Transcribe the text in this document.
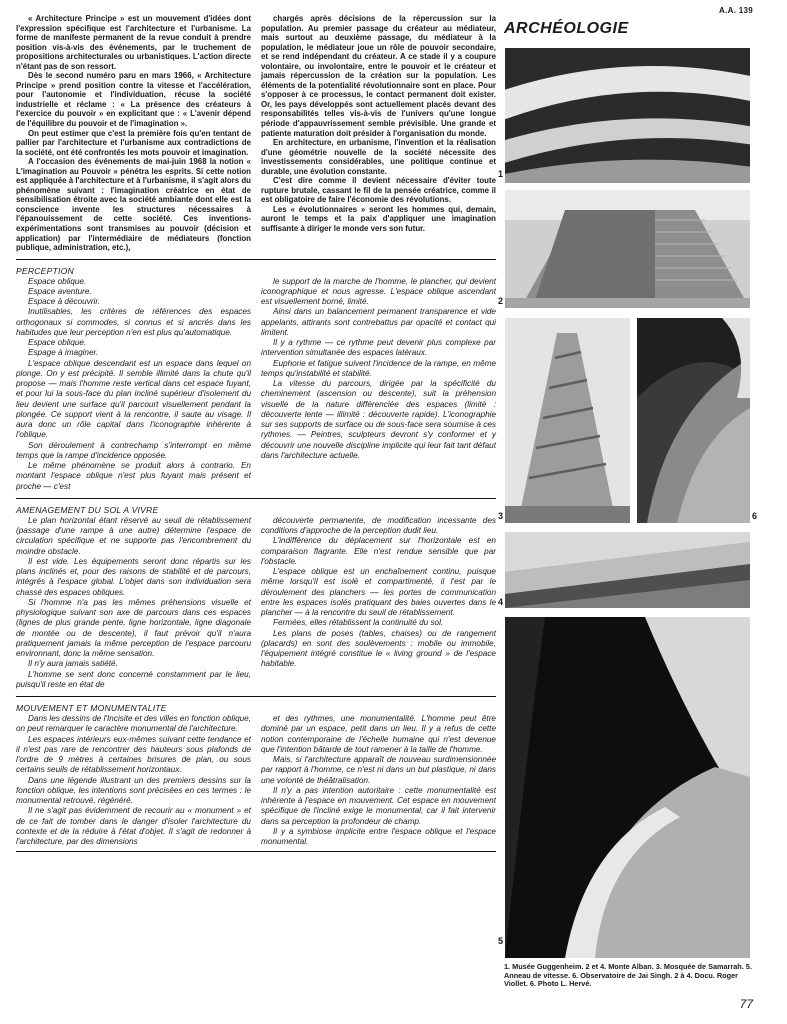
A.A. 139

« Architecture Principe » est un mouvement d'idées dont l'expression spécifique est l'architecture et l'urbanisme. La forme de manifeste permanent de la revue conduit à prendre position vis-à-vis des événements, par le truchement de propositions architecturales ou urbanistiques. L'action directe n'étant pas de son ressort.

Dès le second numéro paru en mars 1966, « Architecture Principe » prend position contre la vitesse et l'accélération, pour l'autonomie et l'individuation, récuse la société industrielle et réclame : « La présence des créateurs à l'exercice du pouvoir » en explicitant que : « L'avenir dépend de l'équilibre du pouvoir et de l'imagination ».

On peut estimer que c'est la première fois qu'en tentant de pallier par l'architecture et l'urbanisme aux contradictions de la société, ont été confrontés les mots pouvoir et imagination.

A l'occasion des événements de mai-juin 1968 la notion « L'imagination au Pouvoir » pénétra les esprits. Si cette notion est appliquée à l'architecture et à l'urbanisme, il s'agit alors du phénomène suivant : l'imagination créatrice en état de sensibilisation étroite avec la société ambiante dont elle est la conscience invente les structures nécessaires à l'épanouissement de cette société. Ces inventions-expérimentations sont transmises au pouvoir (décision et application) par l'intermédiaire de médiateurs (fonction publique, administration, etc.),

chargés après décisions de la répercussion sur la population. Au premier passage du créateur au médiateur, mais surtout au deuxième passage, du médiateur à la population, le médiateur joue un rôle de pouvoir secondaire, et se rend indépendant du créateur. A ce stade il y a coupure volontaire, ou involontaire, entre le pouvoir et le créateur et jamais répercussion de la création sur la population. Les éléments de la potentialité révolutionnaire sont en place. Pour s'opposer à ce processus, le contact permanent doit exister. Or, les pays développés sont actuellement placés devant des responsabilités telles vis-à-vis de l'univers qu'une longue période d'appauvrissement semble prévisible. Une grande et patiente maturation doit présider à l'organisation du monde.

En architecture, en urbanisme, l'invention et la réalisation d'une géométrie nouvelle de la société nécessite des investissements considérables, une politique continue et durable, une évolution constante.

C'est dire comme il devient nécessaire d'éviter toute rupture brutale, cassant le fil de la pensée créatrice, comme il est obligatoire de faire l'économie des révolutions.

Les « évolutionnaires » seront les hommes qui, demain, auront le temps et la paix d'appliquer une imagination suffisante à diriger le monde vers son futur.

PERCEPTION

Espace oblique.

Espace aventure.

Espace à découvrir.

Inutilisables, les critères de références des espaces orthogonaux si commodes, si connus et si ancrés dans les habitudes que leur perception n'en est plus qu'automatique.

Espace oblique.

Espage à imaginer.

L'espace oblique descendant est un espace dans lequel on plonge. On y est précipité. Il semble illimité dans la chute qu'il propose — mais l'homme reste vertical dans cet espace fuyant, et pour lui la sous-face du plan incliné supérieur d'isolement du lieu devient une surface qu'il parcourt visuellement pendant la plongée. Ce support vient à la rencontre, il saute au visage. Il aura donc un rôle capital dans l'iconographie inhérente à l'oblique.

Son déroulement à contrechamp s'interrompt en même temps que la rampe d'incidence opposée.

Le même phénomène se produit alors à contrario. En montant l'espace oblique n'est plus fuyant mais présent et proche — c'est

le support de la marche de l'homme, le plancher, qui devient iconographique et nous agresse. L'espace oblique ascendant est visuellement borné, limité.

Ainsi dans un balancement permanent transparence et vide appelants, attirants sont contrebattus par opacité et contact qui limitent.

Il y a rythme — ce rythme peut devenir plus complexe par intervention simultanée des espaces latéraux.

Euphorie et fatigue suivent l'incidence de la rampe, en même temps qu'instabilité et stabilité.

La vitesse du parcours, dirigée par la spécificité du cheminement (ascension ou descente), suit la préhension visuelle de la nature différenciée des espaces (limité : découverte lente — illimité : découverte rapide). L'iconographie sur ses supports de surface ou de sous-face sera soumise à ces rythmes. — Peintres, sculpteurs devront s'y conformer et y découvrir une nouvelle discipline implicite qui leur fait tant défaut dans l'architecture actuelle.

AMENAGEMENT DU SOL A VIVRE

Le plan horizontal étant réservé au seuil de rétablissement (passage d'une rampe à une autre) détermine l'espace de circulation spécifique et ne supporte pas l'encombrement du moindre obstacle.

Il est vide. Les équipements seront donc répartis sur les plans inclinés et, pour des raisons de stabilité et de parcours, intégrés à l'espace global. L'objet dans son individuation sera chassé des espaces obliques.

Si l'homme n'a pas les mêmes préhensions visuelle et physiologique suivant son axe de parcours dans ces espaces (lignes de plus grande pente, ligne horizontale, ligne diagonale de montée ou de descente), il faut prévoir qu'il n'aura pratiquement jamais la même perception de l'espace parcouru environnant, donc la même sensation.

Il n'y aura jamais satiété.

L'homme se sent donc concerné constamment par le lieu, puisqu'il reste en état de

découverte permanente, de modification incessante des conditions d'approche de la perception dudit lieu.

L'indifférence du déplacement sur l'horizontale est en comparaison flagrante. Elle n'est rendue sensible que par l'obstacle.

L'espace oblique est un enchaînement continu, puisque même lorsqu'il est isolé et compartimenté, il l'est par le déroulement des planchers — les portes de communication entre les espaces isolés pratiquant des baies ouvertes dans le plancher — à la rencontre du seuil de rétablissement.

Fermées, elles rétablissent la continuité du sol.

Les plans de poses (tables, chaises) ou de rangement (placards) en sont des soulèvements : mobile ou immobile, l'équipement intégré constitue le « living ground » de l'espace habitable.

MOUVEMENT ET MONUMENTALITE

Dans les dessins de l'Incisite et des villes en fonction oblique, on peut remarquer le caractère monumental de l'architecture.

Les espaces intérieurs eux-mêmes suivant cette tendance et il n'est pas rare de rencontrer des hauteurs sous plafonds de l'ordre de 9 mètres à certaines brisures de plan, ou sous certains seuils de rétablissement horizontaux.

Dans une légende illustrant un des premiers dessins sur la fonction oblique, les intentions sont précisées en ces termes : le monumental retrouvé, régénéré.

Il ne s'agit pas évidemment de recourir au « monument » et de ce fait de tomber dans le danger d'isoler l'architecture du contexte et de la réduire à l'état d'objet. Il s'agit de redonner à l'architecture, par des dimensions

et des rythmes, une monumentalité. L'homme peut être dominé par un espace, petit dans un lieu. Il y a refus de cette notion contemporaine de l'échelle humaine qui n'est devenue que l'intention bâtarde de tout ramener à la taille de l'homme.

Mais, si l'architecture apparaît de nouveau surdimensionnée par rapport à l'homme, ce n'est ni dans un but plastique, ni dans une volonté de théâtralisation.

Il n'y a pas intention autoritaire : cette monumentalité est inhérente à l'espace en mouvement. Cet espace en mouvement spécifique de l'incliné exige le monumental, car il fait intervenir dans sa perception la profondeur de champ.

Il y a symbiose implicite entre l'espace oblique et l'espace monumental.

ARCHÉOLOGIE
1
2
3	6
4
5

1. Musée Guggenheim. 2 et 4. Monte Alban. 3. Mosquée de Samarrah. 5. Anneau de vitesse. 6. Observatoire de Jai Singh. 2 à 4. Docu. Roger Viollet. 6. Photo L. Hervé.

77
